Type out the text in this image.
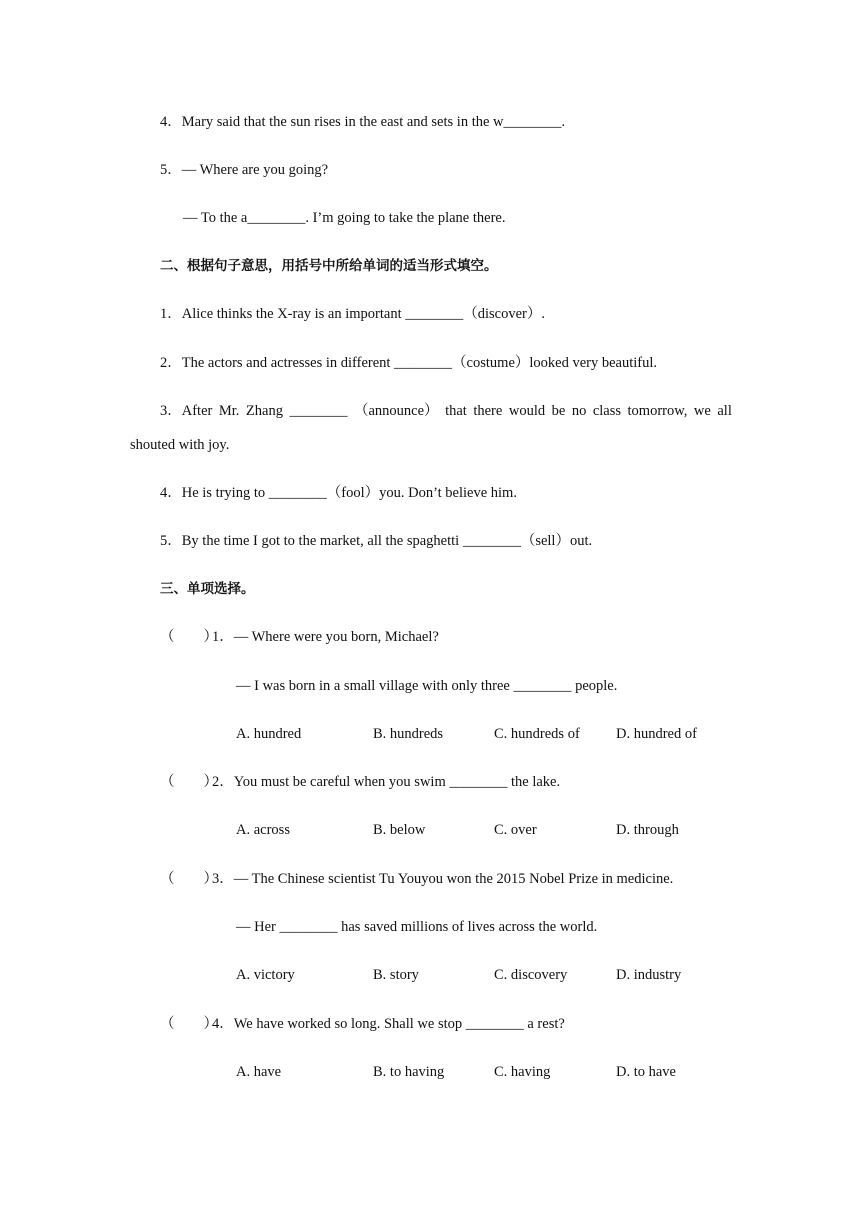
4．Mary said that the sun rises in the east and sets in the w________.
5．— Where are you going?
— To the a________. I’m going to take the plane there.
二、根据句子意思，用括号中所给单词的适当形式填空。
1．Alice thinks the X-ray is an important ________（discover）.
2．The actors and actresses in different ________（costume）looked very beautiful.
3．After Mr. Zhang ________ （announce） that there would be no class tomorrow, we all
shouted with joy.
4．He is trying to ________（fool）you. Don’t believe him.
5．By the time I got to the market, all the spaghetti ________（sell）out.
三、单项选择。
（　　）
1．— Where were you born, Michael?
— I was born in a small village with only three ________ people.
A. hundred	B. hundreds	C. hundreds of D. hundred of
（　　）
2．You must be careful when you swim ________ the lake.
A. across	B. below	C. over	D. through
（　　）
3．— The Chinese scientist Tu Youyou won the 2015 Nobel Prize in medicine.
— Her ________ has saved millions of lives across the world.
A. victory	B. story	C. discovery	D. industry
（　　）
4．We have worked so long. Shall we stop ________ a rest?
A. have	B. to having	C. having	D. to have
